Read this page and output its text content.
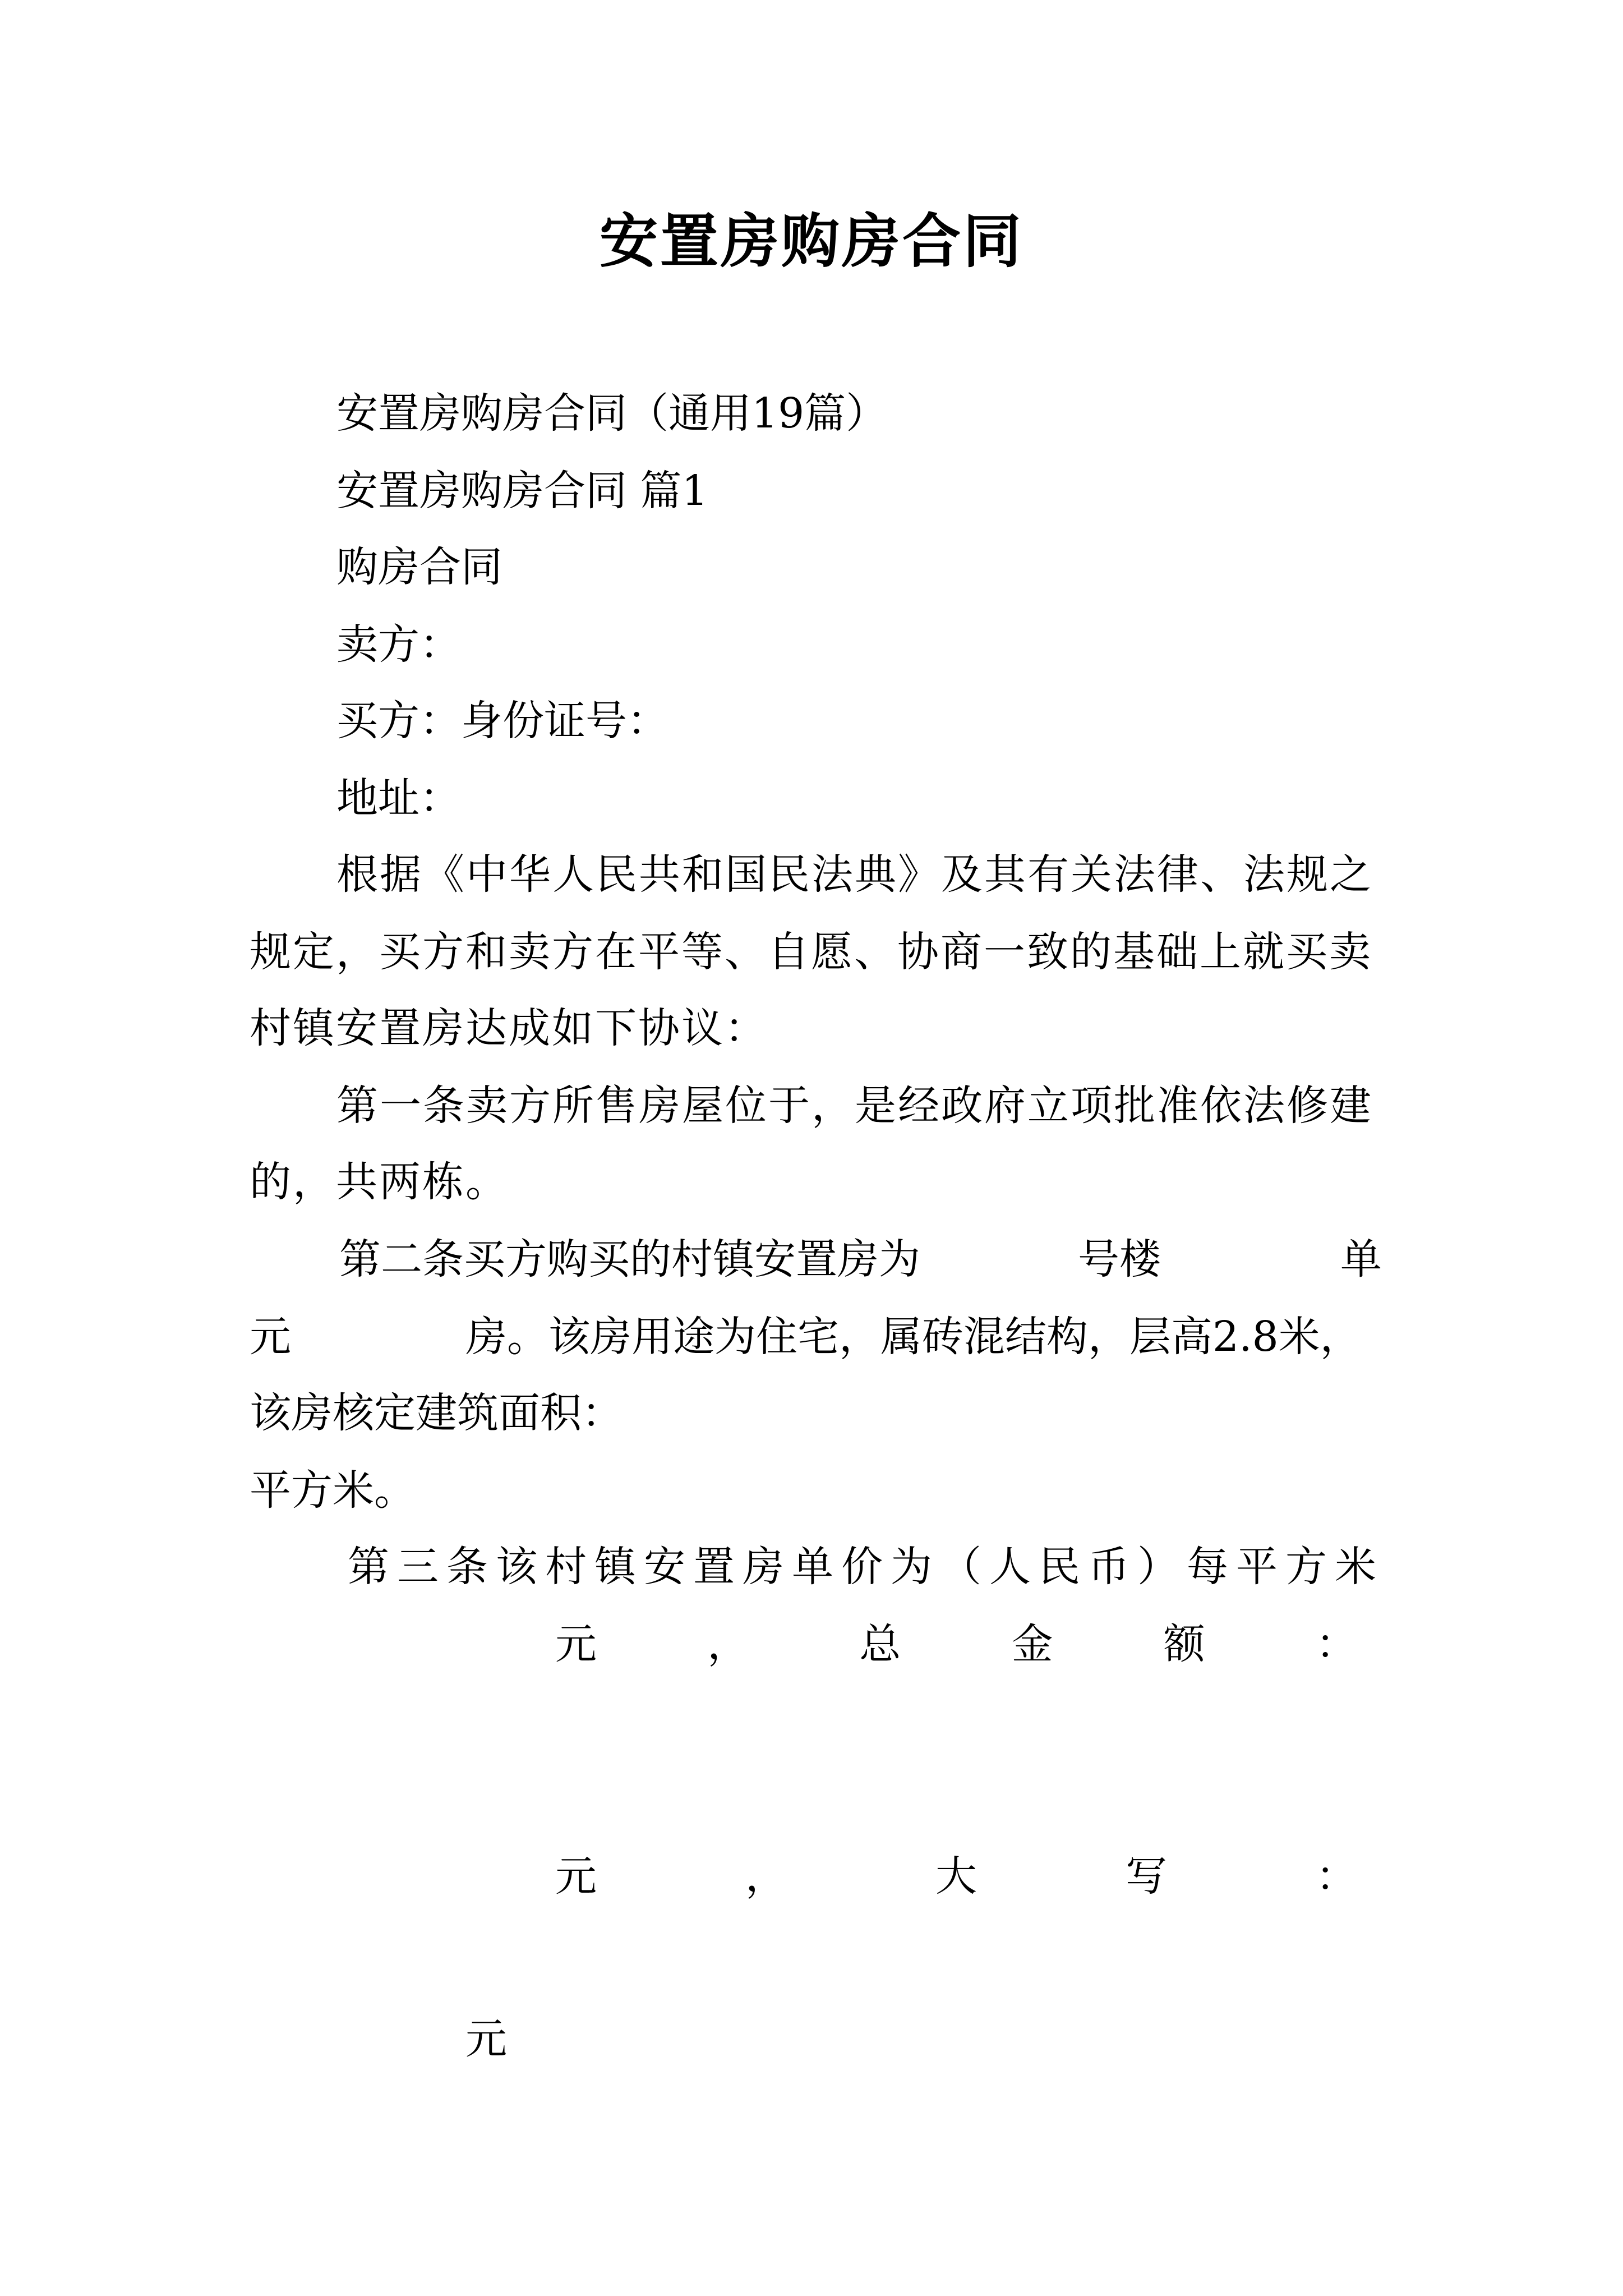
安置房购房合同
安置房购房合同（通用19篇）
安置房购房合同 篇1
购房合同
卖方：
买方：身份证号：
地址：
根据《中华人民共和国民法典》及其有关法律、法规之
规定，买方和卖方在平等、自愿、协商一致的基础上就买卖
村镇安置房达成如下协议：
第一条卖方所售房屋位于，是经政府立项批准依法修建
的，共两栋。
第二条买方购买的村镇安置房为	号楼	单
元	房。该房用途为住宅，属砖混结构，层高2.8米，
该房核定建筑面积：
平方米。
第三条该村镇安置房单价为（人民币）每平方米
元	，	总	金	额	：
元	，	大	写	：
元
